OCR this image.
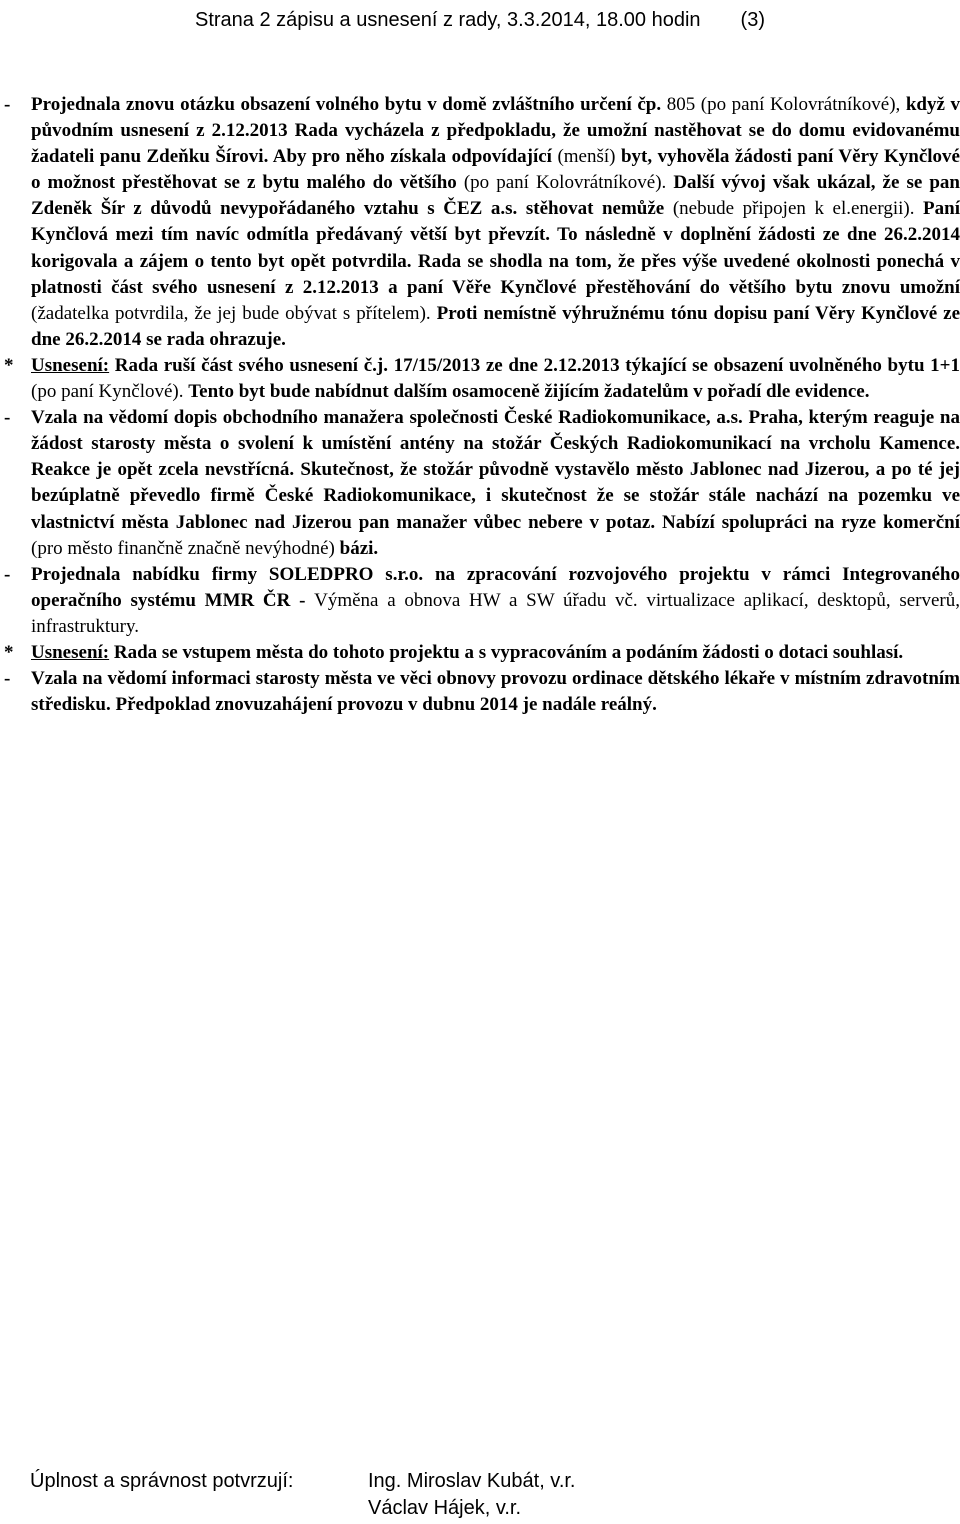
Strana 2 zápisu a usnesení z rady, 3.3.2014, 18.00 hodin (3)

- Projednala znovu otázku obsazení volného bytu v domě zvláštního určení čp. 805 (po paní Kolovrátníkové), když v původním usnesení z 2.12.2013 Rada vycházela z předpokladu, že umožní nastěhovat se do domu evidovanému žadateli panu Zdeňku Šírovi. Aby pro něho získala odpovídající (menší) byt, vyhověla žádosti paní Věry Kynčlové o možnost přestěhovat se z bytu malého do většího (po paní Kolovrátníkové). Další vývoj však ukázal, že se pan Zdeněk Šír z důvodů nevypořádaného vztahu s ČEZ a.s. stěhovat nemůže (nebude připojen k el.energii). Paní Kynčlová mezi tím navíc odmítla předávaný větší byt převzít. To následně v doplnění žádosti ze dne 26.2.2014 korigovala a zájem o tento byt opět potvrdila. Rada se shodla na tom, že přes výše uvedené okolnosti ponechá v platnosti část svého usnesení z 2.12.2013 a paní Věře Kynčlové přestěhování do většího bytu znovu umožní (žadatelka potvrdila, že jej bude obývat s přítelem). Proti nemístně výhružnému tónu dopisu paní Věry Kynčlové ze dne 26.2.2014 se rada ohrazuje.

* Usnesení: Rada ruší část svého usnesení č.j. 17/15/2013 ze dne 2.12.2013 týkající se obsazení uvolněného bytu 1+1 (po paní Kynčlové). Tento byt bude nabídnut dalším osamoceně žijícím žadatelům v pořadí dle evidence.

- Vzala na vědomí dopis obchodního manažera společnosti České Radiokomunikace, a.s. Praha, kterým reaguje na žádost starosty města o svolení k umístění antény na stožár Českých Radiokomunikací na vrcholu Kamence. Reakce je opět zcela nevstřícná. Skutečnost, že stožár původně vystavělo město Jablonec nad Jizerou, a po té jej bezúplatně převedlo firmě České Radiokomunikace, i skutečnost že se stožár stále nachází na pozemku ve vlastnictví města Jablonec nad Jizerou pan manažer vůbec nebere v potaz. Nabízí spolupráci na ryze komerční (pro město finančně značně nevýhodné) bázi.

- Projednala nabídku firmy SOLEDPRO s.r.o. na zpracování rozvojového projektu v rámci Integrovaného operačního systému MMR ČR - Výměna a obnova HW a SW úřadu vč. virtualizace aplikací, desktopů, serverů, infrastruktury.

* Usnesení: Rada se vstupem města do tohoto projektu a s vypracováním a podáním žádosti o dotaci souhlasí.

- Vzala na vědomí informaci starosty města ve věci obnovy provozu ordinace dětského lékaře v místním zdravotním středisku. Předpoklad znovuzahájení provozu v dubnu 2014 je nadále reálný.

Úplnost a správnost potvrzují:	Ing. Miroslav Kubát, v.r.
Václav Hájek, v.r.
